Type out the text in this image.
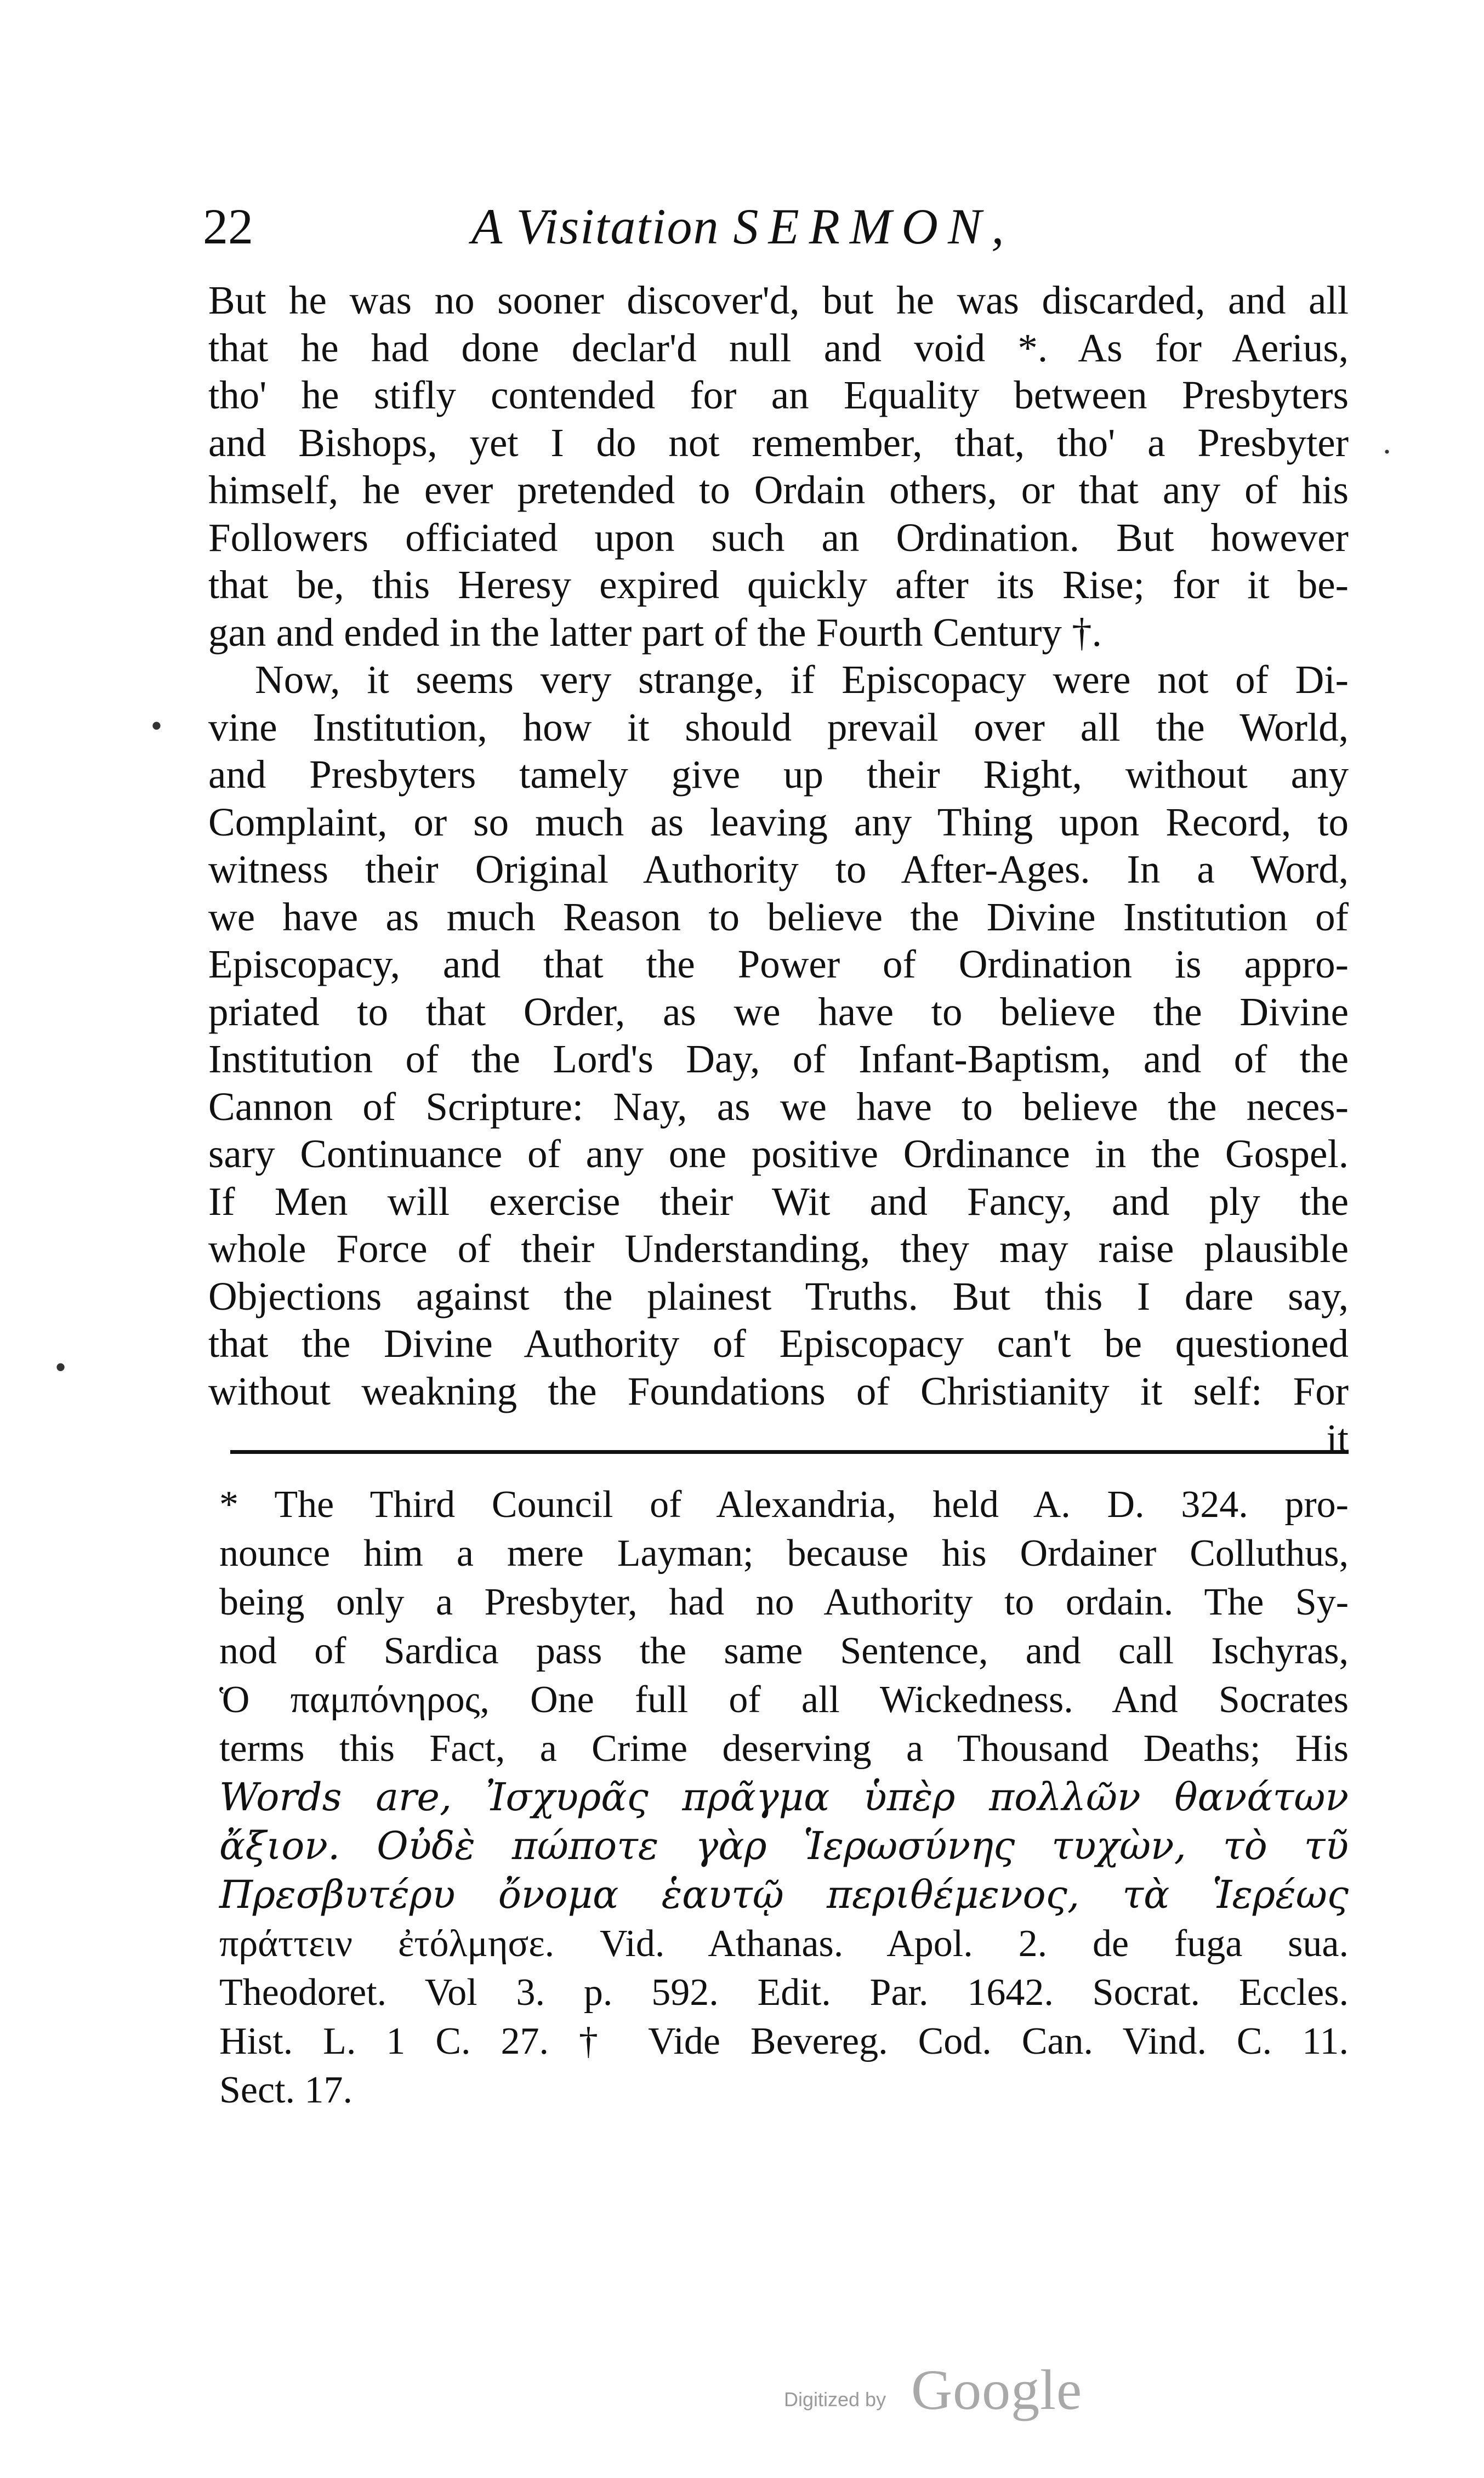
22	A Visitation SERMON,
But he was no sooner discover'd, but he was discarded, and all
that he had done declar'd null and void *. As for Aerius,
tho' he stifly contended for an Equality between Presbyters
and Bishops, yet I do not remember, that, tho' a Presbyter
himself, he ever pretended to Ordain others, or that any of his
Followers officiated upon such an Ordination. But however
that be, this Heresy expired quickly after its Rise; for it be-
gan and ended in the latter part of the Fourth Century †.
Now, it seems very strange, if Episcopacy were not of Di-
vine Institution, how it should prevail over all the World,
and Presbyters tamely give up their Right, without any
Complaint, or so much as leaving any Thing upon Record, to
witness their Original Authority to After-Ages. In a Word,
we have as much Reason to believe the Divine Institution of
Episcopacy, and that the Power of Ordination is appro-
priated to that Order, as we have to believe the Divine
Institution of the Lord's Day, of Infant-Baptism, and of the
Cannon of Scripture: Nay, as we have to believe the neces-
sary Continuance of any one positive Ordinance in the Gospel.
If Men will exercise their Wit and Fancy, and ply the
whole Force of their Understanding, they may raise plausible
Objections against the plainest Truths. But this I dare say,
that the Divine Authority of Episcopacy can't be questioned
without weakning the Foundations of Christianity it self: For
it
* The Third Council of Alexandria, held A. D. 324. pro-
nounce him a mere Layman; because his Ordainer Colluthus,
being only a Presbyter, had no Authority to ordain. The Sy-
nod of Sardica pass the same Sentence, and call Ischyras,
Ὁ παμπόνηρος, One full of all Wickedness. And Socrates
terms this Fact, a Crime deserving a Thousand Deaths; His
Words are, Ἰσχυρᾶς πρᾶγμα ὑπὲρ πολλῶν θανάτων
ἄξιον. Οὐδὲ πώποτε γὰρ Ἱερωσύνης τυχὼν, τὸ τῦ
Πρεσβυτέρυ ὄνομα ἑαυτῷ περιθέμενος, τὰ Ἱερέως
πράττειν ἐτόλμησε. Vid. Athanas. Apol. 2. de fuga sua.
Theodoret. Vol 3. p. 592. Edit. Par. 1642. Socrat. Eccles.
Hist. L. 1 C. 27. † Vide Bevereg. Cod. Can. Vind. C. 11.
Sect. 17.
•
•
·
Digitized by Google
